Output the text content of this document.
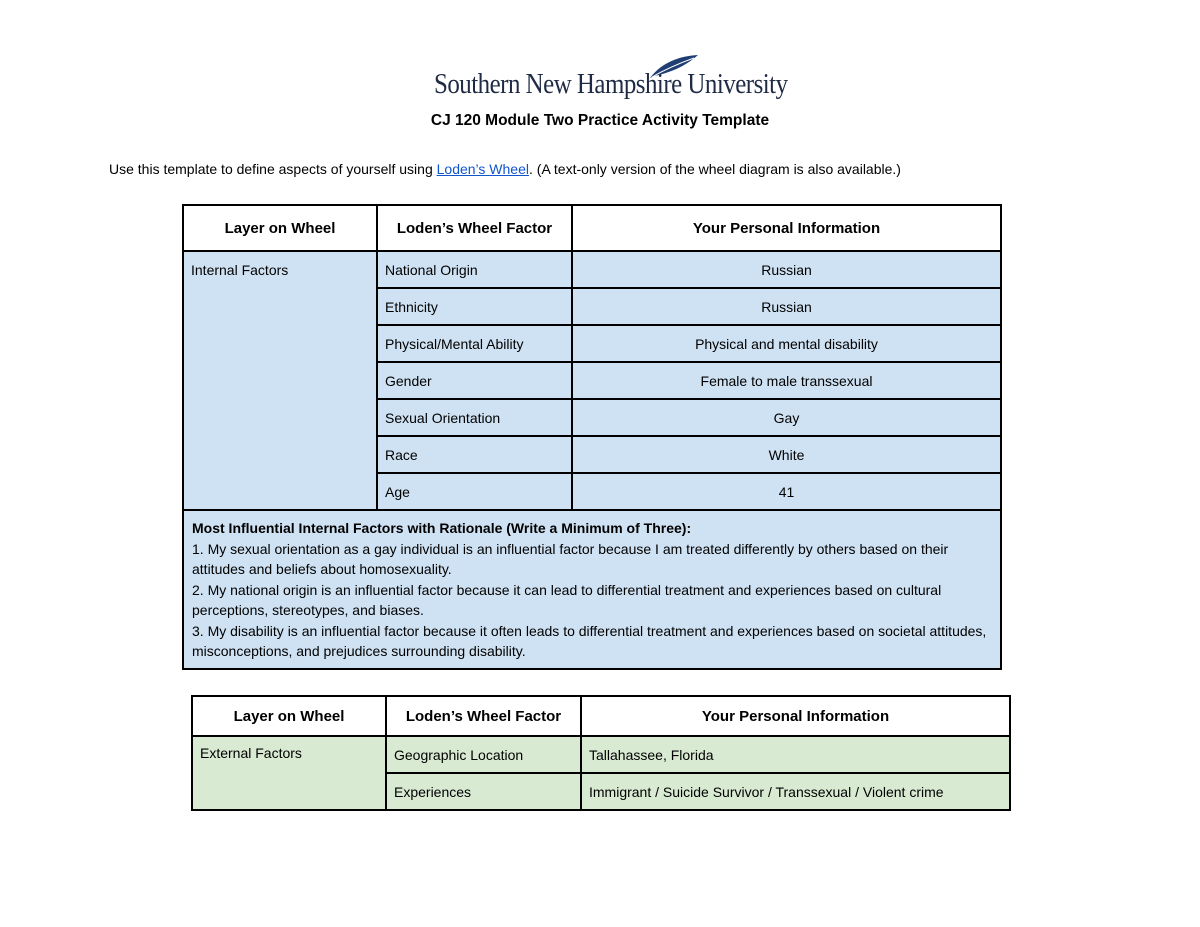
Southern New Hampshire University
CJ 120 Module Two Practice Activity Template
Use this template to define aspects of yourself using Loden’s Wheel. (A text-only version of the wheel diagram is also available.)
Layer on Wheel	Loden’s Wheel Factor	Your Personal Information
Internal Factors	National Origin	Russian
	Ethnicity	Russian
	Physical/Mental Ability	Physical and mental disability
	Gender	Female to male transsexual
	Sexual Orientation	Gay
	Race	White
	Age	41

Most Influential Internal Factors with Rationale (Write a Minimum of Three):
1. My sexual orientation as a gay individual is an influential factor because I am treated differently by others based on their attitudes and beliefs about homosexuality.
2. My national origin is an influential factor because it can lead to differential treatment and experiences based on cultural perceptions, stereotypes, and biases.
3. My disability is an influential factor because it often leads to differential treatment and experiences based on societal attitudes, misconceptions, and prejudices surrounding disability.		
Layer on Wheel	Loden’s Wheel Factor	Your Personal Information
External Factors	Geographic Location	Tallahassee, Florida
	Experiences	Immigrant / Suicide Survivor / Transsexual / Violent crime
